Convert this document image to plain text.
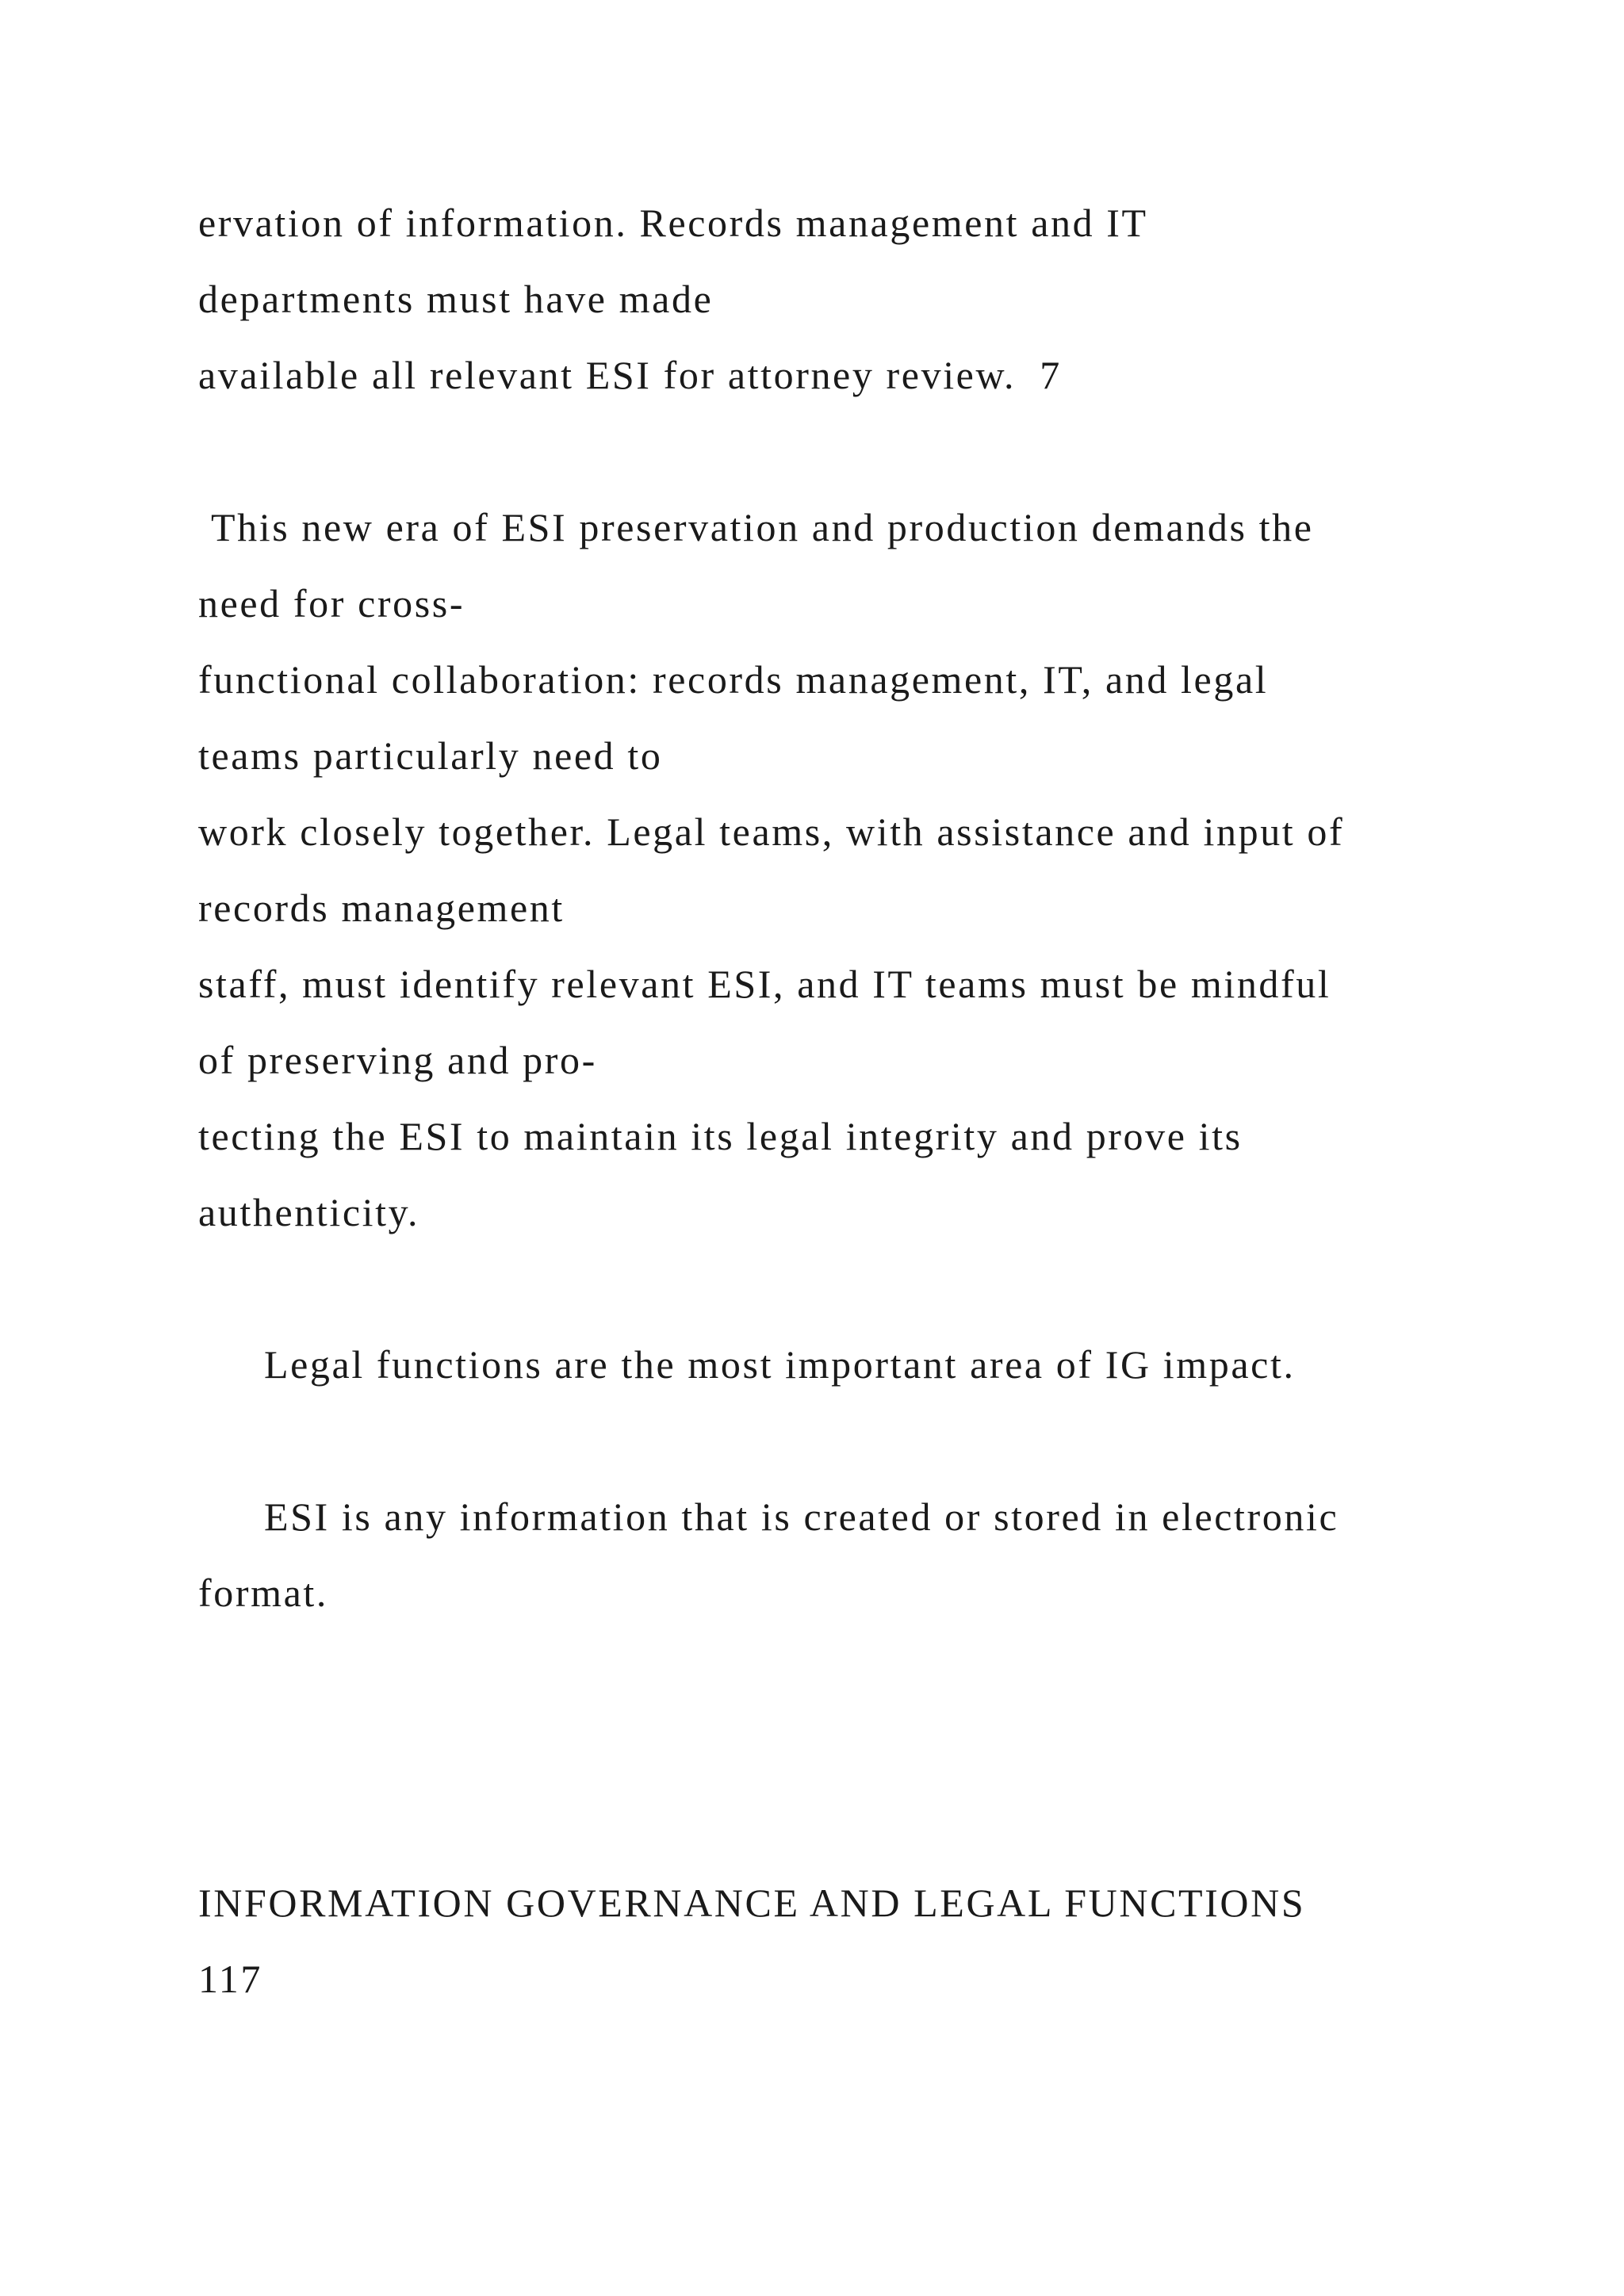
ervation of information. Records management and IT
departments must have made
available all relevant ESI for attorney review.  7
This new era of ESI preservation and production demands the
need for cross-
functional collaboration: records management, IT, and legal
teams particularly need to
work closely together. Legal teams, with assistance and input of
records management
staff, must identify relevant ESI, and IT teams must be mindful
of preserving and pro-
tecting the ESI to maintain its legal integrity and prove its
authenticity.
Legal functions are the most important area of IG impact.
ESI is any information that is created or stored in electronic
format.
INFORMATION GOVERNANCE AND LEGAL FUNCTIONS
117
